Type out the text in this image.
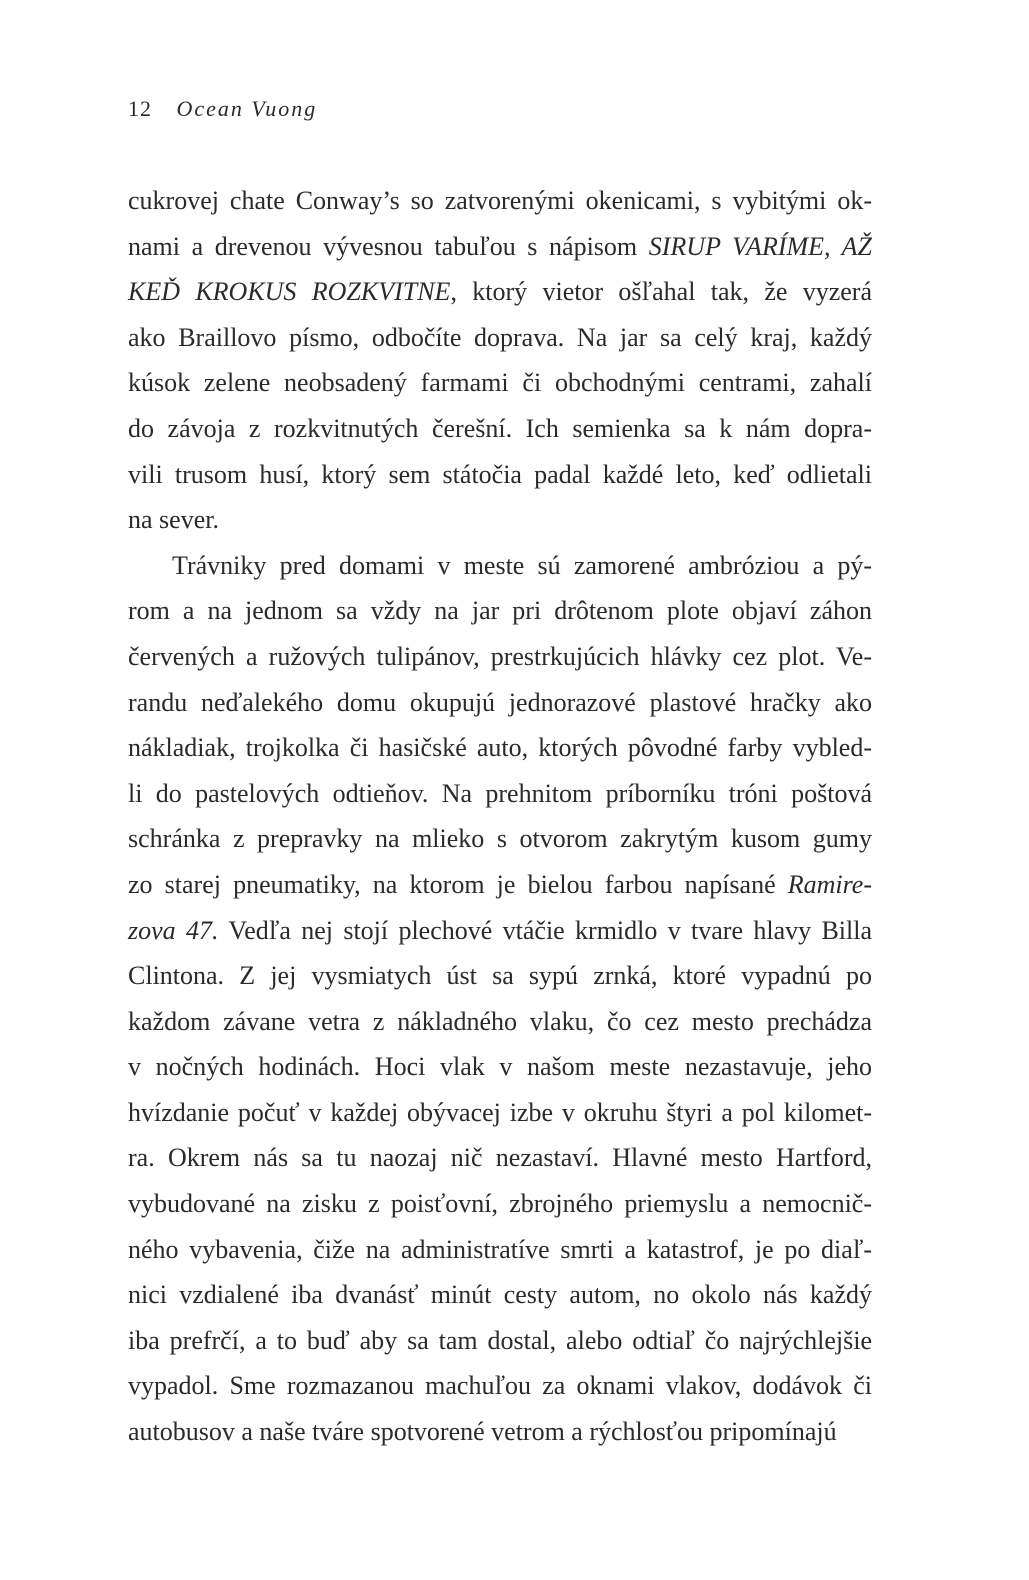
12 Ocean Vuong
cukrovej chate Conway’s so zatvorenými okenicami, s vybitými ok-
nami a drevenou vývesnou tabuľou s nápisom SIRUP VARÍME, AŽ
KEĎ KROKUS ROZKVITNE, ktorý vietor ošľahal tak, že vyzerá
ako Braillovo písmo, odbočíte doprava. Na jar sa celý kraj, každý
kúsok zelene neobsadený farmami či obchodnými centrami, zahalí
do závoja z rozkvitnutých čerešní. Ich semienka sa k nám dopra-
vili trusom husí, ktorý sem státočia padal každé leto, keď odlietali
na sever.
Trávniky pred domami v meste sú zamorené ambróziou a pý-
rom a na jednom sa vždy na jar pri drôtenom plote objaví záhon
červených a ružových tulipánov, prestrkujúcich hlávky cez plot. Ve-
randu neďalekého domu okupujú jednorazové plastové hračky ako
nákladiak, trojkolka či hasičské auto, ktorých pôvodné farby vybled-
li do pastelových odtieňov. Na prehnitom príborníku tróni poštová
schránka z prepravky na mlieko s otvorom zakrytým kusom gumy
zo starej pneumatiky, na ktorom je bielou farbou napísané Ramire-
zova 47. Vedľa nej stojí plechové vtáčie krmidlo v tvare hlavy Billa
Clintona. Z jej vysmiatych úst sa sypú zrnká, ktoré vypadnú po
každom závane vetra z nákladného vlaku, čo cez mesto prechádza
v nočných hodinách. Hoci vlak v našom meste nezastavuje, jeho
hvízdanie počuť v každej obývacej izbe v okruhu štyri a pol kilomet-
ra. Okrem nás sa tu naozaj nič nezastaví. Hlavné mesto Hartford,
vybudované na zisku z poisťovní, zbrojného priemyslu a nemocnič-
ného vybavenia, čiže na administratíve smrti a katastrof, je po diaľ-
nici vzdialené iba dvanásť minút cesty autom, no okolo nás každý
iba prefrčí, a to buď aby sa tam dostal, alebo odtiaľ čo najrýchlejšie
vypadol. Sme rozmazanou machuľou za oknami vlakov, dodávok či
autobusov a naše tváre spotvorené vetrom a rýchlosťou pripomínajú
